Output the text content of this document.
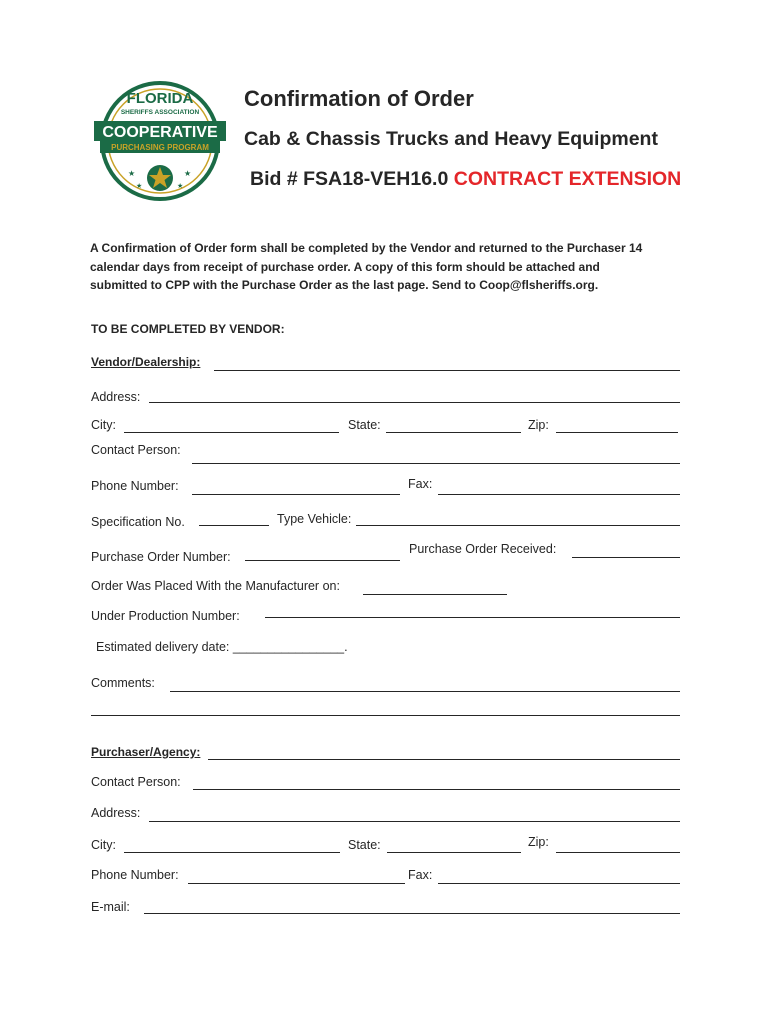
FLORIDA
SHERIFFS ASSOCIATION
COOPERATIVE
PURCHASING PROGRAM
★	★
★	★
Confirmation of Order
Cab & Chassis Trucks and Heavy Equipment
Bid # FSA18-VEH16.0 CONTRACT EXTENSION
A Confirmation of Order form shall be completed by the Vendor and returned to the Purchaser 14
calendar days from receipt of purchase order. A copy of this form should be attached and
submitted to CPP with the Purchase Order as the last page. Send to Coop@flsheriffs.org.
TO BE COMPLETED BY VENDOR:
Vendor/Dealership:
Address:
City:	State:	Zip:
Contact Person:
Phone Number:	Fax:
Specification No.	Type Vehicle:
Purchase Order Number:
Purchase Order Received:
Order Was Placed With the Manufacturer on:
Under Production Number:
Estimated delivery date: ________________.
Comments:
Purchaser/Agency:
Contact Person:
Address:
City:	State:	Zip:
Phone Number:	Fax:
E-mail:
